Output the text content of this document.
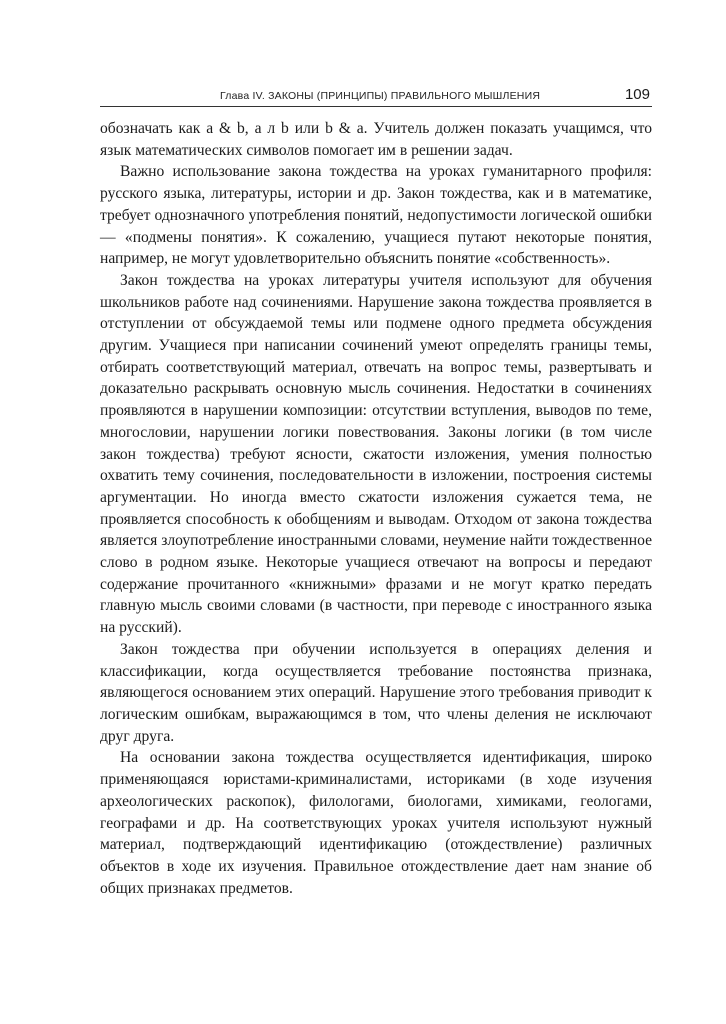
Глава IV. ЗАКОНЫ (ПРИНЦИПЫ) ПРАВИЛЬНОГО МЫШЛЕНИЯ	109

обозначать как a & b, a л b или b & a. Учитель должен показать учащимся, что язык математических символов помогает им в решении задач.

Важно использование закона тождества на уроках гуманитарного профиля: русского языка, литературы, истории и др. Закон тождества, как и в математике, требует однозначного употребления понятий, недопустимости логической ошибки — «подмены понятия». К сожалению, учащиеся путают некоторые понятия, например, не могут удовлетворительно объяснить понятие «собственность».

Закон тождества на уроках литературы учителя используют для обучения школьников работе над сочинениями. Нарушение закона тождества проявляется в отступлении от обсуждаемой темы или подмене одного предмета обсуждения другим. Учащиеся при написании сочинений умеют определять границы темы, отбирать соответствующий материал, отвечать на вопрос темы, развертывать и доказательно раскрывать основную мысль сочинения. Недостатки в сочинениях проявляются в нарушении композиции: отсутствии вступления, выводов по теме, многословии, нарушении логики повествования. Законы логики (в том числе закон тождества) требуют ясности, сжатости изложения, умения полностью охватить тему сочинения, последовательности в изложении, построения системы аргументации. Но иногда вместо сжатости изложения сужается тема, не проявляется способность к обобщениям и выводам. Отходом от закона тождества является злоупотребление иностранными словами, неумение найти тождественное слово в родном языке. Некоторые учащиеся отвечают на вопросы и передают содержание прочитанного «книжными» фразами и не могут кратко передать главную мысль своими словами (в частности, при переводе с иностранного языка на русский).

Закон тождества при обучении используется в операциях деления и классификации, когда осуществляется требование постоянства признака, являющегося основанием этих операций. Нарушение этого требования приводит к логическим ошибкам, выражающимся в том, что члены деления не исключают друг друга.

На основании закона тождества осуществляется идентификация, широко применяющаяся юристами-криминалистами, историками (в ходе изучения археологических раскопок), филологами, биологами, химиками, геологами, географами и др. На соответствующих уроках учителя используют нужный материал, подтверждающий идентификацию (отождествление) различных объектов в ходе их изучения. Правильное отождествление дает нам знание об общих признаках предметов.
